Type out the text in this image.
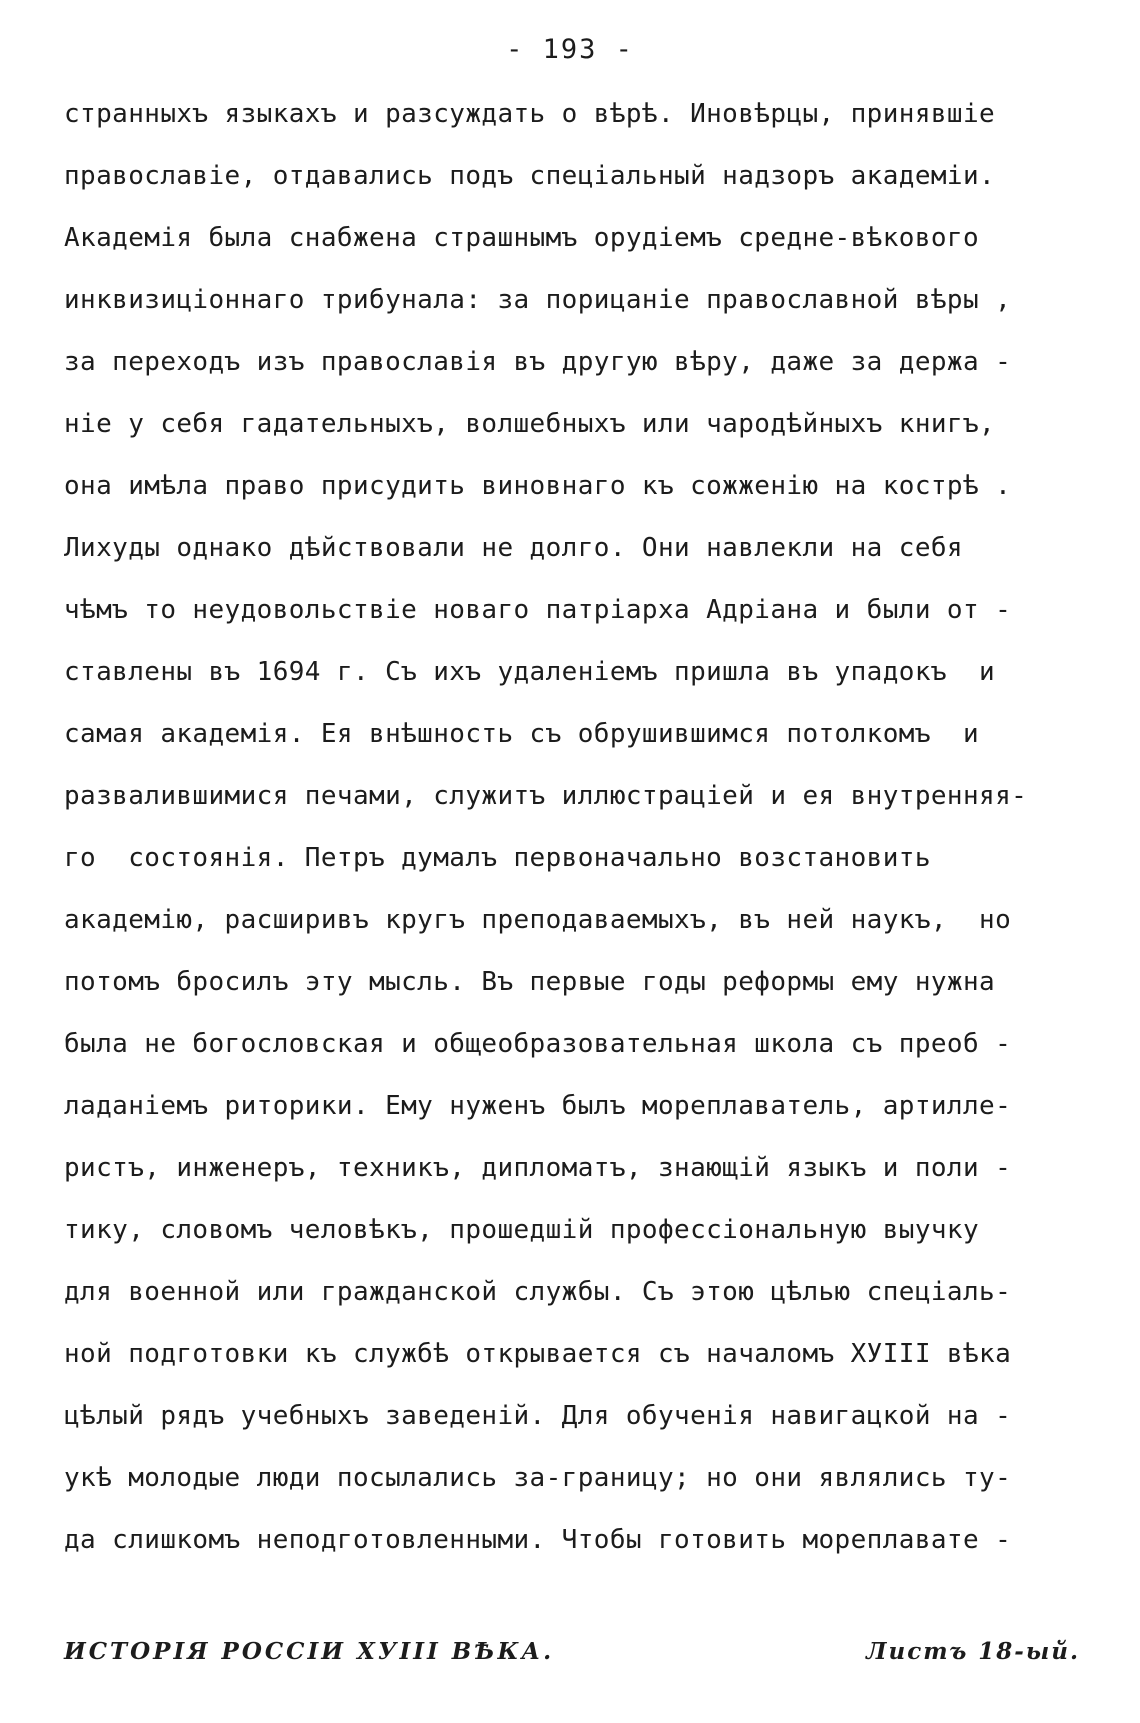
- 193 -
странныхъ языкахъ и разсуждать о вѣрѣ. Иновѣрцы, принявшіе
православіе, отдавались подъ спеціальный надзоръ академіи.
Академія была снабжена страшнымъ орудіемъ средне-вѣкового
инквизиціоннаго трибунала: за порицаніе православной вѣры ,
за переходъ изъ православія въ другую вѣру, даже за держа -
ніе у себя гадательныхъ, волшебныхъ или чародѣйныхъ книгъ,
она имѣла право присудить виновнаго къ сожженію на кострѣ .
Лихуды однако дѣйствовали не долго. Они навлекли на себя
чѣмъ то неудовольствіе новаго патріарха Адріана и были от -
ставлены въ 1694 г. Съ ихъ удаленіемъ пришла въ упадокъ  и
самая академія. Ея внѣшность съ обрушившимся потолкомъ  и
развалившимися печами, служитъ иллюстраціей и ея внутренняя-
го  состоянія. Петръ думалъ первоначально возстановить
академію, расширивъ кругъ преподаваемыхъ, въ ней наукъ,  но
потомъ бросилъ эту мысль. Въ первые годы реформы ему нужна
была не богословская и общеобразовательная школа съ преоб -
ладаніемъ риторики. Ему нуженъ былъ мореплаватель, артилле-
ристъ, инженеръ, техникъ, дипломатъ, знающій языкъ и поли -
тику, словомъ человѣкъ, прошедшій профессіональную выучку
для военной или гражданской службы. Съ этою цѣлью спеціаль-
ной подготовки къ службѣ открывается съ началомъ XУIII вѣка
цѣлый рядъ учебныхъ заведеній. Для обученія навигацкой на -
укѣ молодые люди посылались за-границу; но они являлись ту-
да слишкомъ неподготовленными. Чтобы готовить мореплавате -
ИСТОРІЯ РОССІИ XУIII ВѢКА.	Листъ 18-ый.
